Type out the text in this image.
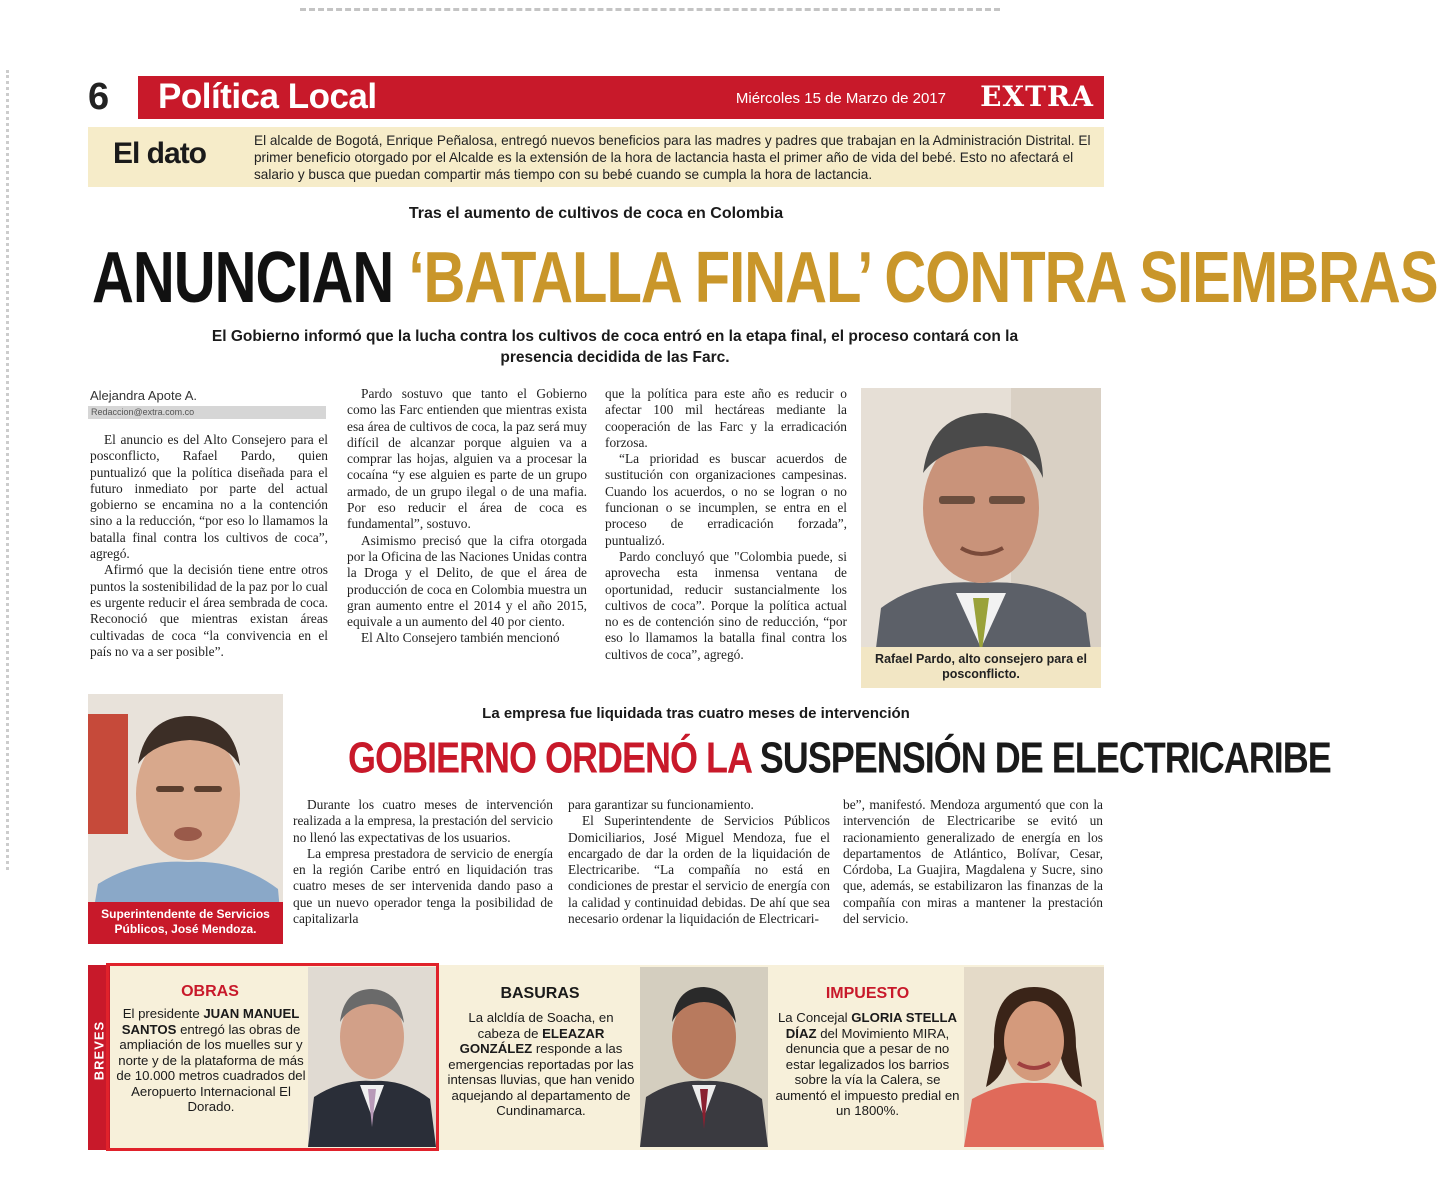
6	Política Local	Miércoles 15 de Marzo de 2017 EXTRA
El dato	El alcalde de Bogotá, Enrique Peñalosa, entregó nuevos beneficios para las madres y padres que trabajan en la Administración Distrital. El primer beneficio otorgado por el Alcalde es la extensión de la hora de lactancia hasta el primer año de vida del bebé. Esto no afectará el salario y busca que puedan compartir más tiempo con su bebé cuando se cumpla la hora de lactancia.
Tras el aumento de cultivos de coca en Colombia
ANUNCIAN ‘BATALLA FINAL’ CONTRA SIEMBRAS
El Gobierno informó que la lucha contra los cultivos de coca entró en la etapa final, el proceso contará con la presencia decidida de las Farc.
Alejandra Apote A.
Redaccion@extra.com.co

El anuncio es del Alto Consejero para el posconflicto, Rafael Pardo, quien puntualizó que la política diseñada para el futuro inmediato por parte del actual gobierno se encamina no a la contención sino a la reducción, “por eso lo llamamos la batalla final contra los cultivos de coca”, agregó.

Afirmó que la decisión tiene entre otros puntos la sostenibilidad de la paz por lo cual es urgente reducir el área sembrada de coca. Reconoció que mientras existan áreas cultivadas de coca “la convivencia en el país no va a ser posible”.

Pardo sostuvo que tanto el Gobierno como las Farc entienden que mientras exista esa área de cultivos de coca, la paz será muy difícil de alcanzar porque alguien va a comprar las hojas, alguien va a procesar la cocaína “y ese alguien es parte de un grupo armado, de un grupo ilegal o de una mafia. Por eso reducir el área de coca es fundamental”, sostuvo.

Asimismo precisó que la cifra otorgada por la Oficina de las Naciones Unidas contra la Droga y el Delito, de que el área de producción de coca en Colombia muestra un gran aumento entre el 2014 y el año 2015, equivale a un aumento del 40 por ciento.

El Alto Consejero también mencionó

que la política para este año es reducir o afectar 100 mil hectáreas mediante la cooperación de las Farc y la erradicación forzosa.

“La prioridad es buscar acuerdos de sustitución con organizaciones campesinas. Cuando los acuerdos, o no se logran o no funcionan o se incumplen, se entra en el proceso de erradicación forzada”, puntualizó.

Pardo concluyó que "Colombia puede, si aprovecha esta inmensa ventana de oportunidad, reducir sustancialmente los cultivos de coca”. Porque la política actual no es de contención sino de reducción, “por eso lo llamamos la batalla final contra los cultivos de coca”, agregó.	Rafael Pardo, alto consejero para el posconflicto.
Superintendente de Servicios Públicos, José Mendoza.
La empresa fue liquidada tras cuatro meses de intervención
GOBIERNO ORDENÓ LA SUSPENSIÓN DE ELECTRICARIBE

Durante los cuatro meses de intervención realizada a la empresa, la prestación del servicio no llenó las expectativas de los usuarios.

La empresa prestadora de servicio de energía en la región Caribe entró en liquidación tras cuatro meses de ser intervenida dando paso a que un nuevo operador tenga la posibilidad de capitalizarla

para garantizar su funcionamiento.

El Superintendente de Servicios Públicos Domiciliarios, José Miguel Mendoza, fue el encargado de dar la orden de la liquidación de Electricaribe. “La compañía no está en condiciones de prestar el servicio de energía con la calidad y continuidad debidas. De ahí que sea necesario ordenar la liquidación de Electricari-

be”, manifestó. Mendoza argumentó que con la intervención de Electricaribe se evitó un racionamiento generalizado de energía en los departamentos de Atlántico, Bolívar, Cesar, Córdoba, La Guajira, Magdalena y Sucre, sino que, además, se estabilizaron las finanzas de la compañía con miras a mantener la prestación del servicio.

BREVES
OBRAS
El presidente JUAN MANUEL SANTOS entregó las obras de ampliación de los muelles sur y norte y de la plataforma de más de 10.000 metros cuadrados del Aeropuerto Internacional El Dorado.
BASURAS
La alcldía de Soacha, en cabeza de ELEAZAR GONZÁLEZ responde a las emergencias reportadas por las intensas lluvias, que han venido aquejando al departamento de Cundinamarca.
IMPUESTO
La Concejal GLORIA STELLA DÍAZ del Movimiento MIRA, denuncia que a pesar de no estar legalizados los barrios sobre la vía la Calera, se aumentó el impuesto predial en un 1800%.
